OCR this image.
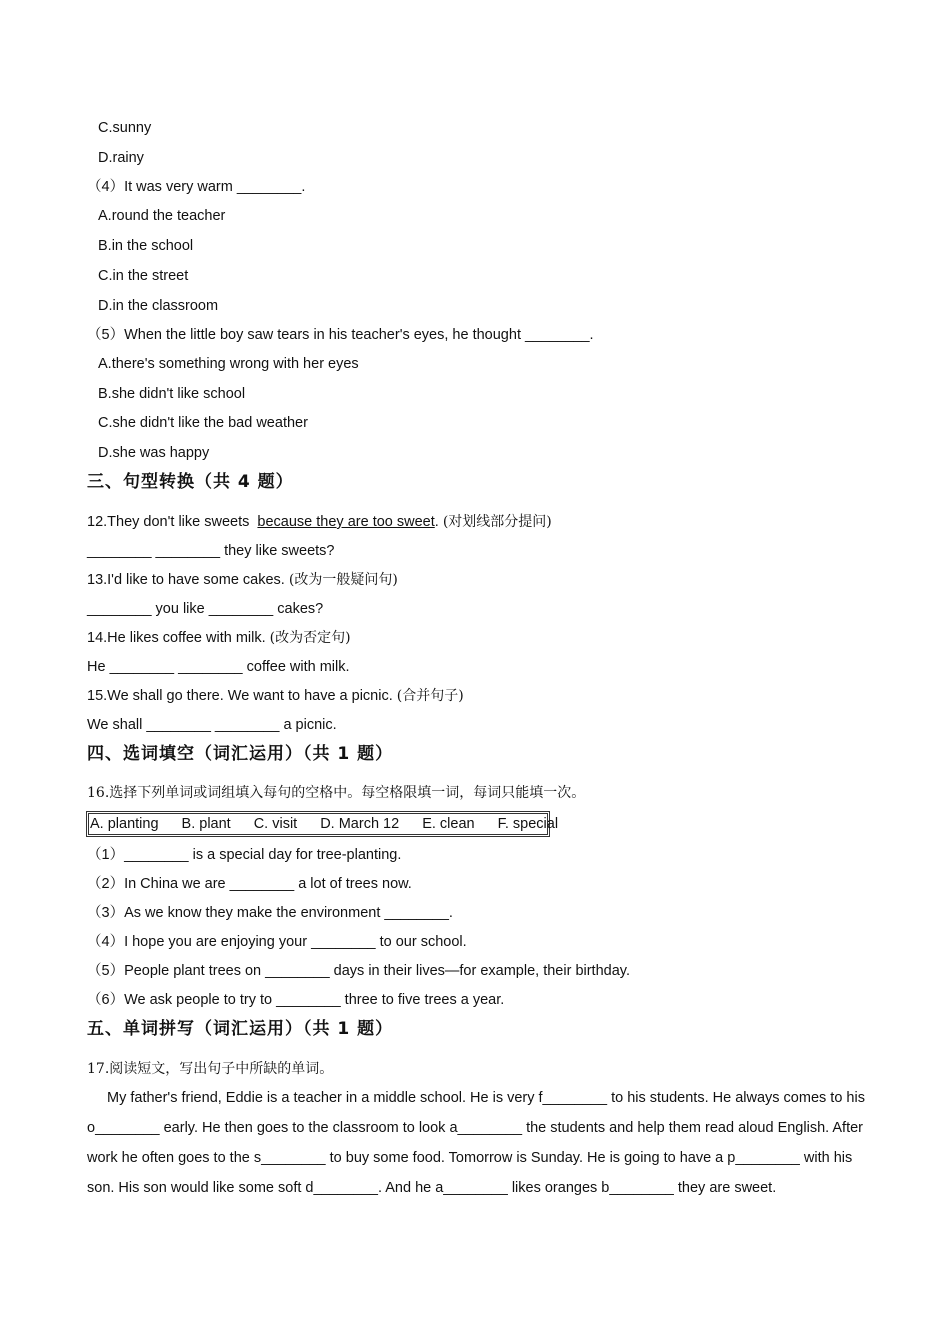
C.sunny
D.rainy
（4）It was very warm ________.
A.round the teacher
B.in the school
C.in the street
D.in the classroom
（5）When the little boy saw tears in his teacher's eyes, he thought ________.
A.there's something wrong with her eyes
B.she didn't like school
C.she didn't like the bad weather
D.she was happy
三、句型转换（共 4 题）
12.They don't like sweets  because they are too sweet. (对划线部分提问)
________ ________ they like sweets?
13.I'd like to have some cakes. (改为一般疑问句)
________ you like ________ cakes?
14.He likes coffee with milk. (改为否定句)
He ________ ________ coffee with milk.
15.We shall go there. We want to have a picnic. (合并句子)
We shall ________ ________ a picnic.
四、选词填空（词汇运用）（共 1 题）
16.选择下列单词或词组填入每句的空格中。每空格限填一词，每词只能填一次。
A. planting B. plant C. visit D. March 12 E. clean F. special
（1）________ is a special day for tree-planting.
（2）In China we are ________ a lot of trees now.
（3）As we know they make the environment ________.
（4）I hope you are enjoying your ________ to our school.
（5）People plant trees on ________ days in their lives—for example, their birthday.
（6）We ask people to try to ________ three to five trees a year.
五、单词拼写（词汇运用）（共 1 题）
17.阅读短文，写出句子中所缺的单词。
My father's friend, Eddie is a teacher in a middle school. He is very f________ to his students. He always comes to his o________ early. He then goes to the classroom to look a________ the students and help them read aloud English. After work he often goes to the s________ to buy some food. Tomorrow is Sunday. He is going to have a p________ with his son. His son would like some soft d________. And he a________ likes oranges b________ they are sweet.
